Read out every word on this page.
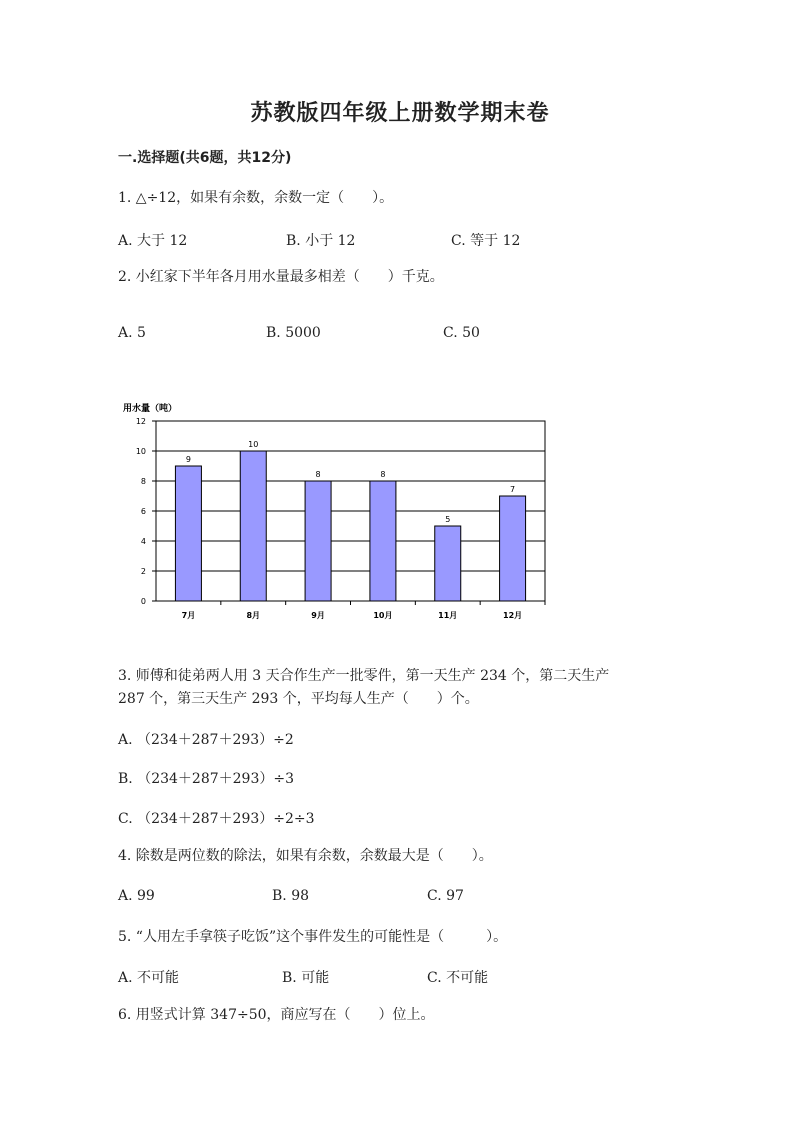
苏教版四年级上册数学期末卷
一.选择题(共6题，共12分)
1. △÷12，如果有余数，余数一定（　　）。
A. 大于 12	B. 小于 12	C. 等于 12
2. 小红家下半年各月用水量最多相差（　　）千克。
A. 5	B. 5000	C. 50
用水量（吨）
0
2
4
6
8
10
12
9
7月
10
8月
8
9月
8
10月
5
11月
7
12月
3. 师傅和徒弟两人用 3 天合作生产一批零件，第一天生产 234 个，第二天生产
287 个，第三天生产 293 个，平均每人生产（　　）个。
A. （234＋287＋293）÷2
B. （234＋287＋293）÷3
C. （234＋287＋293）÷2÷3
4. 除数是两位数的除法，如果有余数，余数最大是（　　）。
A. 99	B. 98	C. 97
5. “人用左手拿筷子吃饭”这个事件发生的可能性是（　　　）。
A. 不可能	B. 可能	C. 不可能
6. 用竖式计算 347÷50，商应写在（　　）位上。
